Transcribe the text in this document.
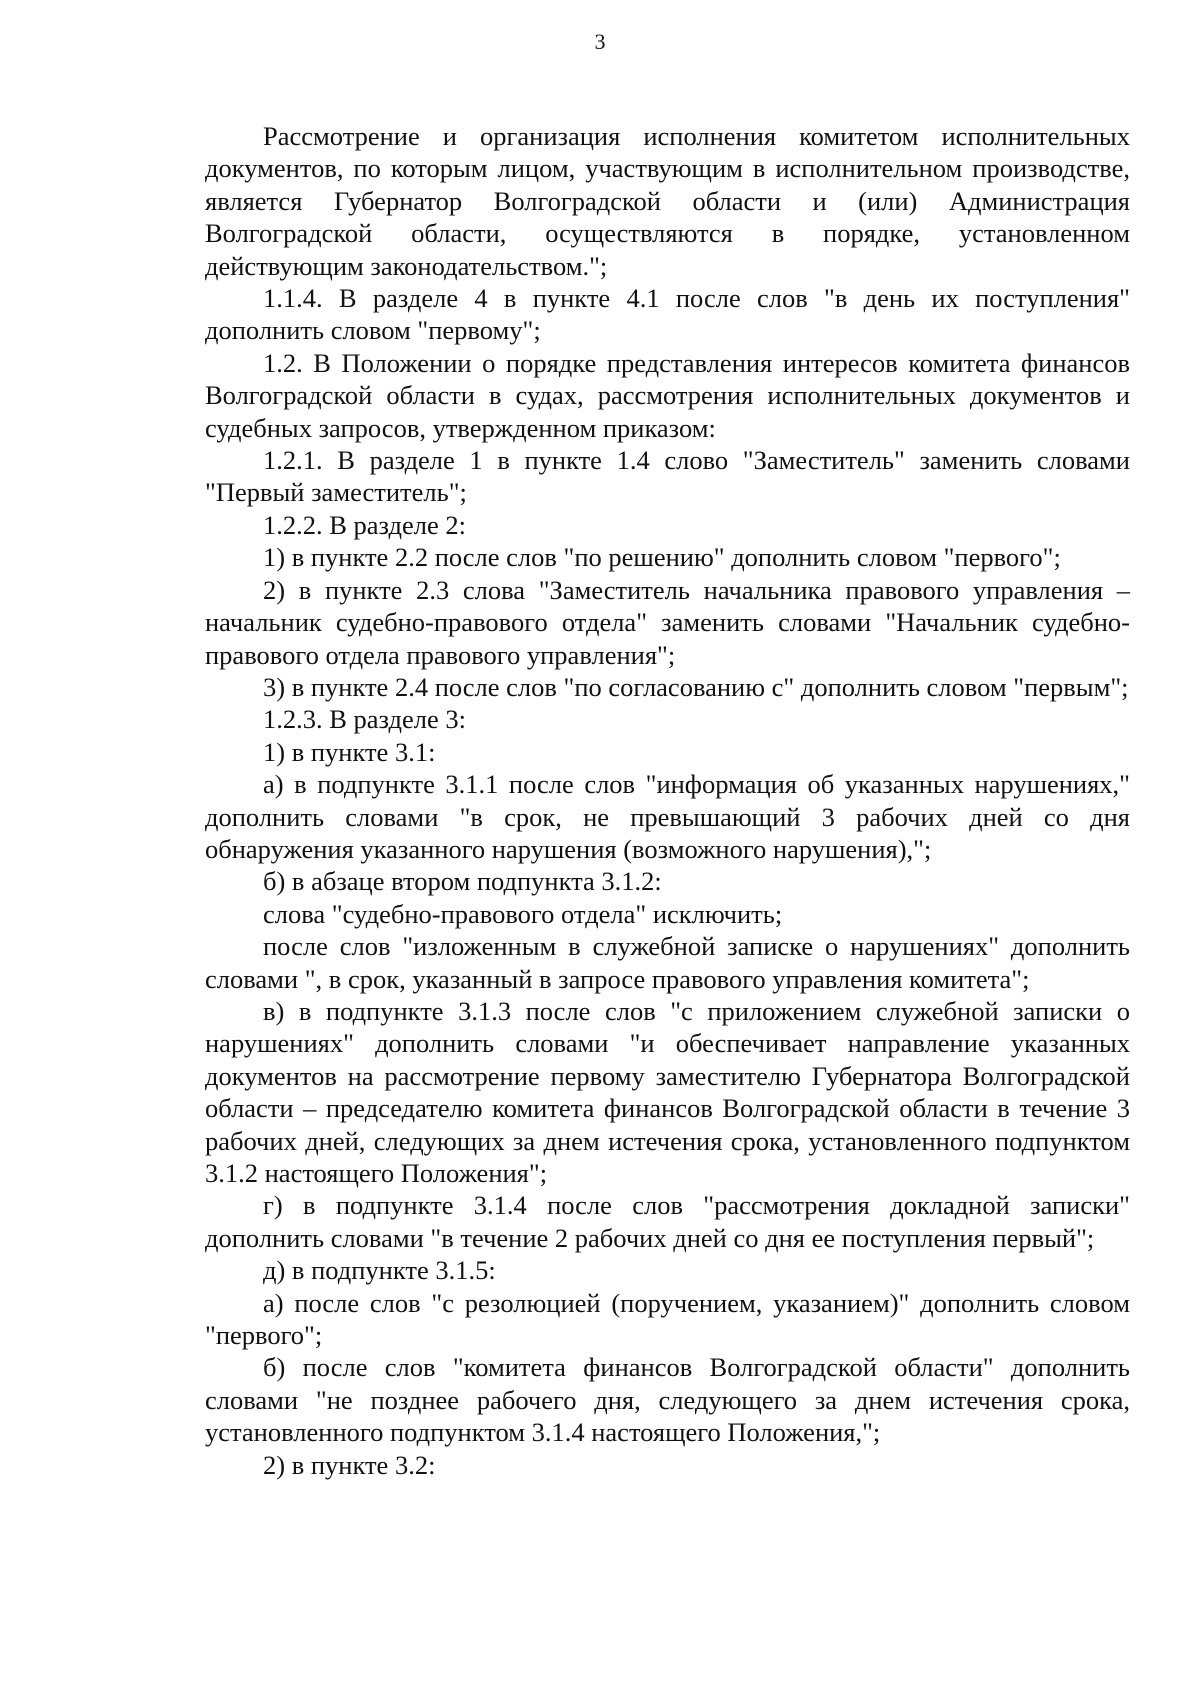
3

Рассмотрение и организация исполнения комитетом исполнительных документов, по которым лицом, участвующим в исполнительном производстве, является Губернатор Волгоградской области и (или) Администрация Волгоградской области, осуществляются в порядке, установленном действующим законодательством.";

1.1.4. В разделе 4 в пункте 4.1 после слов "в день их поступления" дополнить словом "первому";

1.2. В Положении о порядке представления интересов комитета финансов Волгоградской области в судах, рассмотрения исполнительных документов и судебных запросов, утвержденном приказом:

1.2.1. В разделе 1 в пункте 1.4 слово "Заместитель" заменить словами "Первый заместитель";

1.2.2. В разделе 2:

1) в пункте 2.2 после слов "по решению" дополнить словом "первого";

2) в пункте 2.3 слова "Заместитель начальника правового управления – начальник судебно-правового отдела" заменить словами "Начальник судебно-правового отдела правового управления";

3) в пункте 2.4 после слов "по согласованию с" дополнить словом "первым";

1.2.3. В разделе 3:

1) в пункте 3.1:

а) в подпункте 3.1.1 после слов "информация об указанных нарушениях," дополнить словами "в срок, не превышающий 3 рабочих дней со дня обнаружения указанного нарушения (возможного нарушения),";

б) в абзаце втором подпункта 3.1.2:

слова "судебно-правового отдела" исключить;

после слов "изложенным в служебной записке о нарушениях" дополнить словами ", в срок, указанный в запросе правового управления комитета";

в) в подпункте 3.1.3 после слов "с приложением служебной записки о нарушениях" дополнить словами "и обеспечивает направление указанных документов на рассмотрение первому заместителю Губернатора Волгоградской области – председателю комитета финансов Волгоградской области в течение 3 рабочих дней, следующих за днем истечения срока, установленного подпунктом 3.1.2 настоящего Положения";

г) в подпункте 3.1.4 после слов "рассмотрения докладной записки" дополнить словами "в течение 2 рабочих дней со дня ее поступления первый";

д) в подпункте 3.1.5:

а) после слов "с резолюцией (поручением, указанием)" дополнить словом "первого";

б) после слов "комитета финансов Волгоградской области" дополнить словами "не позднее рабочего дня, следующего за днем истечения срока, установленного подпунктом 3.1.4 настоящего Положения,";

2) в пункте 3.2:
